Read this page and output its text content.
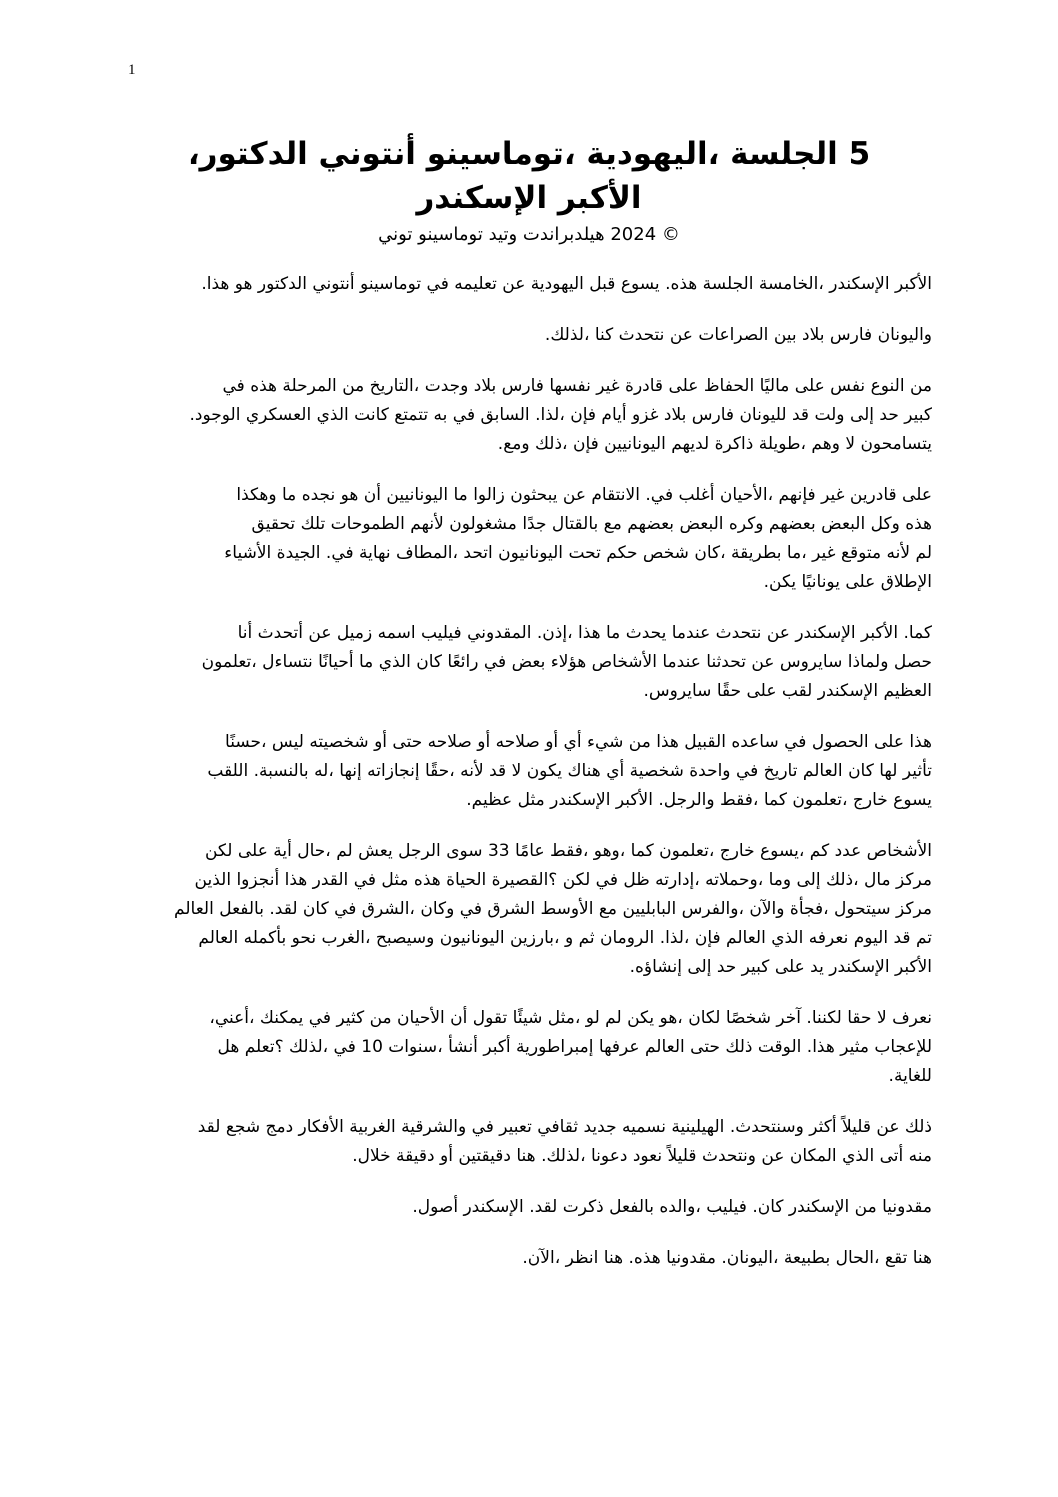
1
،الدكتور أنتوني توماسينو، اليهودية، الجلسة 5
الإسكندر الأكبر
توني توماسينو وتيد هيلدبراندت 2024 ©
.هذا هو الدكتور أنتوني توماسينو في تعليمه عن اليهودية قبل يسوع .هذه الجلسة الخامسة، الإسكندر الأكبر
.لذلك، كنا نتحدث عن الصراعات بين بلاد فارس واليونان
في هذه المرحلة من التاريخ، وجدت بلاد فارس نفسها غير قادرة على الحفاظ ماليًا على نفس النوع من
.الوجود العسكري الذي كانت تتمتع به في السابق .لذا، فإن أيام غزو بلاد فارس لليونان قد ولت إلى حد كبير
.ومع ذلك، فإن اليونانيين لديهم ذاكرة طويلة، وهم لا يتسامحون
وهكذا ما نجده هو أن اليونانيين ما زالوا يبحثون عن الانتقام .في أغلب الأحيان، فإنهم غير قادرين على
تحقيق تلك الطموحات لأنهم مشغولون جدًا بالقتال مع بعضهم البعض وكره بعضهم البعض وكل هذه
الأشياء الجيدة .في نهاية المطاف، اتحد اليونانيون تحت حكم شخص كان، بطريقة ما، غير متوقع لأنه لم
.يكن يونانيًا على الإطلاق
أنا أتحدث عن زميل اسمه فيليب المقدوني .إذن، هذا ما يحدث عندما نتحدث عن الإسكندر الأكبر .كما
تعلمون، نتساءل أحيانًا ما الذي كان رائعًا في بعض هؤلاء الأشخاص عندما تحدثنا عن سايروس ولماذا حصل
.سايروس حقًا على لقب الإسكندر العظيم
حسنًا، ليس شخصيته أو حتى صلاحه أو صلاحه أو أي شيء من هذا القبيل ساعده في الحصول على هذا
اللقب .بالنسبة له، إنها إنجازاته حقًا، لأنه قد لا يكون هناك أي شخصية واحدة في تاريخ العالم كان لها تأثير
.عظيم مثل الإسكندر الأكبر .والرجل فقط، كما تعلمون، خارج يسوع
لكن على أية حال، لم يعش الرجل سوى 33 عامًا فقط، وهو، كما تعلمون، خارج يسوع، كم عدد الأشخاص
الذين أنجزوا هذا القدر في مثل هذه الحياة القصيرة؟ لكن في ظل إدارته، وحملاته، وما إلى ذلك، مال مركز
العالم بالفعل .لقد كان في الشرق، وكان في الشرق الأوسط مع البابليين والفرس، والآن فجأة، سيتحول مركز
العالم بأكمله نحو الغرب، وسيصبح اليونانيون بارزين، و ثم الرومان .لذا، فإن العالم الذي نعرفه اليوم قد تم
.إنشاؤه إلى حد كبير على يد الإسكندر الأكبر
،أعني، يمكنك في كثير من الأحيان أن تقول شيئًا مثل، لو لم يكن هو، لكان شخصًا آخر .لكننا حقا لا نعرف
هل تعلم؟ لذلك، في 10 سنوات، أنشأ أكبر إمبراطورية عرفها العالم حتى ذلك الوقت .هذا مثير للإعجاب
.للغاية
لقد شجع دمج الأفكار الغربية والشرقية في تعبير ثقافي جديد نسميه الهيلينية .وسنتحدث أكثر قليلاً عن ذلك
.خلال دقيقة أو دقيقتين هنا .لذلك، دعونا نعود قليلاً ونتحدث عن المكان الذي أتى منه
.أصول الإسكندر .لقد ذكرت بالفعل والده، فيليب .كان الإسكندر من مقدونيا
.الآن، انظر هنا .هذه مقدونيا .اليونان، بطبيعة الحال، تقع هنا
